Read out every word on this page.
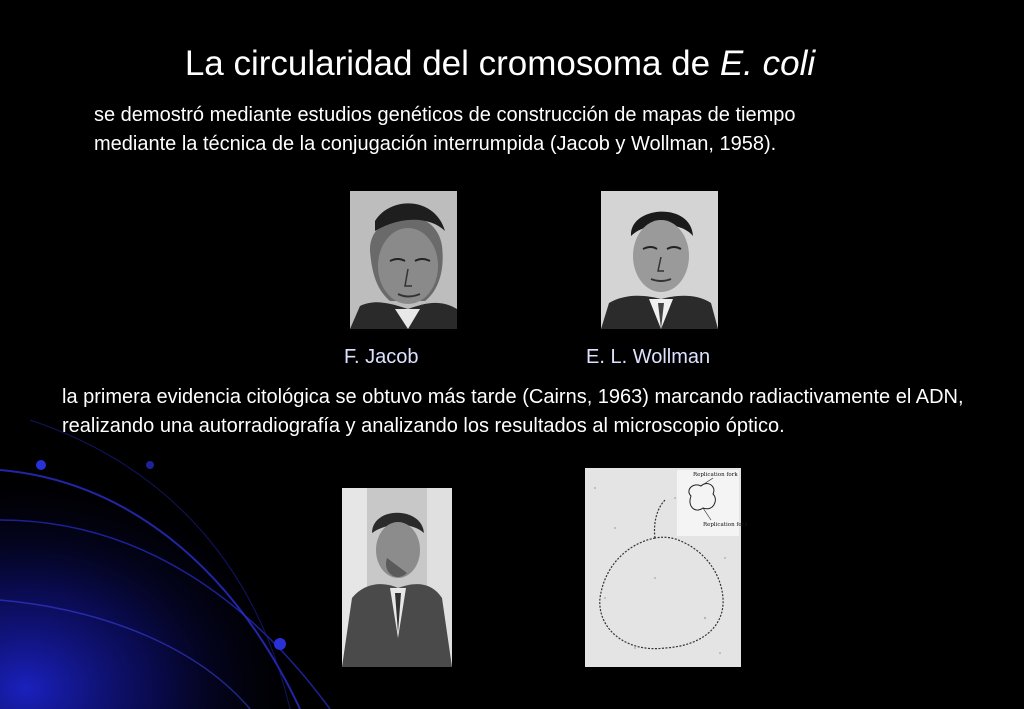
La circularidad del cromosoma de E. coli
se demostró mediante estudios genéticos de construcción de mapas de tiempo mediante la técnica de la conjugación interrumpida (Jacob y Wollman, 1958).
F. Jacob	E. L. Wollman
la primera evidencia citológica se obtuvo más tarde (Cairns, 1963) marcando radiactivamente el ADN, realizando una autorradiografía y analizando los resultados al microscopio óptico.
Replication fork
Replication fork
